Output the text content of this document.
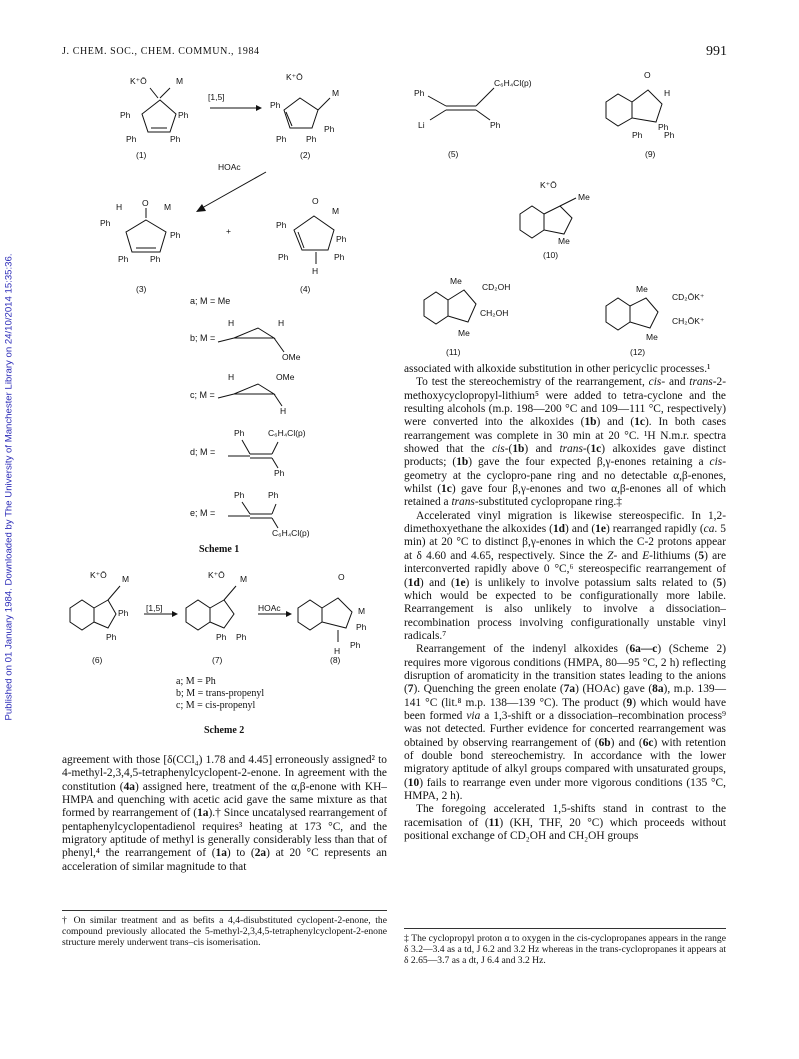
J. CHEM. SOC., CHEM. COMMUN., 1984	991
Published on 01 January 1984. Downloaded by The University of Manchester Library on 24/10/2014 15:35:36.
K⁺Ō	M
Ph	Ph
Ph	Ph
K⁺Ō
M
Ph
Ph
Ph Ph
O
H	M
Ph
Ph
Ph	Ph
+
O
M
Ph
Ph
Ph	Ph
H
H	H
OMe
H	OMe
H
Ph	C₆H₄Cl(p)
Ph
Ph	Ph
C₆H₄Cl(p)
[1,5]
HOAc
(1)	(2)
(3)	(4)
a; M = Me
b; M =
c; M =
d; M =
e; M =
Scheme 1
K⁺Ō M
Ph
Ph
K⁺Ō M
Ph Ph
O
M
Ph
Ph
H
[1,5]	HOAc
(6)	(7)	(8)
a; M = Ph
b; M = trans-propenyl
c; M = cis-propenyl
Scheme 2
Ph
C₆H₄Cl(p)
Li	Ph
O
H
Ph
Ph
Ph
K⁺Ō
Me
Me
Me
CD₂OH
CH₂OH
Me
Me
CD₂ŌK⁺
CH₂ŌK⁺
Me
(5)	(9)
(10)
(11)	(12)

associated with alkoxide substitution in other pericyclic processes.¹

To test the stereochemistry of the rearrangement, cis- and trans-2-methoxycyclopropyl-lithium⁵ were added to tetra-cyclone and the resulting alcohols (m.p. 198—200 °C and 109—111 °C, respectively) were converted into the alkoxides (1b) and (1c). In both cases rearrangement was complete in 30 min at 20 °C. ¹H N.m.r. spectra showed that the cis-(1b) and trans-(1c) alkoxides gave distinct products; (1b) gave the four expected β,γ-enones retaining a cis-geometry at the cyclopro-pane ring and no detectable α,β-enones, whilst (1c) gave four β,γ-enones and two α,β-enones all of which retained a trans-substituted cyclopropane ring.‡

Accelerated vinyl migration is likewise stereospecific. In 1,2-dimethoxyethane the alkoxides (1d) and (1e) rearranged rapidly (ca. 5 min) at 20 °C to distinct β,γ-enones in which the C-2 protons appear at δ 4.60 and 4.65, respectively. Since the Z- and E-lithiums (5) are interconverted rapidly above 0 °C,⁶ stereospecific rearrangement of (1d) and (1e) is unlikely to involve potassium salts related to (5) which would be expected to be configurationally more labile. Rearrangement is also unlikely to involve a dissociation–recombination process involving configurationally unstable vinyl radicals.⁷

Rearrangement of the indenyl alkoxides (6a—c) (Scheme 2) requires more vigorous conditions (HMPA, 80—95 °C, 2 h) reflecting disruption of aromaticity in the transition states leading to the anions (7). Quenching the green enolate (7a) (HOAc) gave (8a), m.p. 139—141 °C (lit.⁸ m.p. 138—139 °C). The product (9) which would have been formed via a 1,3-shift or a dissociation–recombination process⁹ was not detected. Further evidence for concerted rearrangement was obtained by observing rearrangement of (6b) and (6c) with retention of double bond stereochemistry. In accordance with the lower migratory aptitude of alkyl groups compared with unsaturated groups, (10) fails to rearrange even under more vigorous conditions (135 °C, HMPA, 2 h).

The foregoing accelerated 1,5-shifts stand in contrast to the racemisation of (11) (KH, THF, 20 °C) which proceeds without positional exchange of CD₂OH and CH₂OH groups

agreement with those [δ(CCl₄) 1.78 and 4.45] erroneously assigned² to 4-methyl-2,3,4,5-tetraphenylcyclopent-2-enone. In agreement with the constitution (4a) assigned here, treatment of the α,β-enone with KH–HMPA and quenching with acetic acid gave the same mixture as that formed by rearrangement of (1a).† Since uncatalysed rearrangement of pentaphenylcyclopentadienol requires³ heating at 173 °C, and the migratory aptitude of methyl is generally considerably less than that of phenyl,⁴ the rearrangement of (1a) to (2a) at 20 °C represents an acceleration of similar magnitude to that

† On similar treatment and as befits a 4,4-disubstituted cyclopent-2-enone, the compound previously allocated the 5-methyl-2,3,4,5-tetraphenylcyclopent-2-enone structure merely underwent trans–cis isomerisation.	‡ The cyclopropyl proton α to oxygen in the cis-cyclopropanes appears in the range δ 3.2—3.4 as a td, J 6.2 and 3.2 Hz whereas in the trans-cyclopropanes it appears at δ 2.65—3.7 as a dt, J 6.4 and 3.2 Hz.
